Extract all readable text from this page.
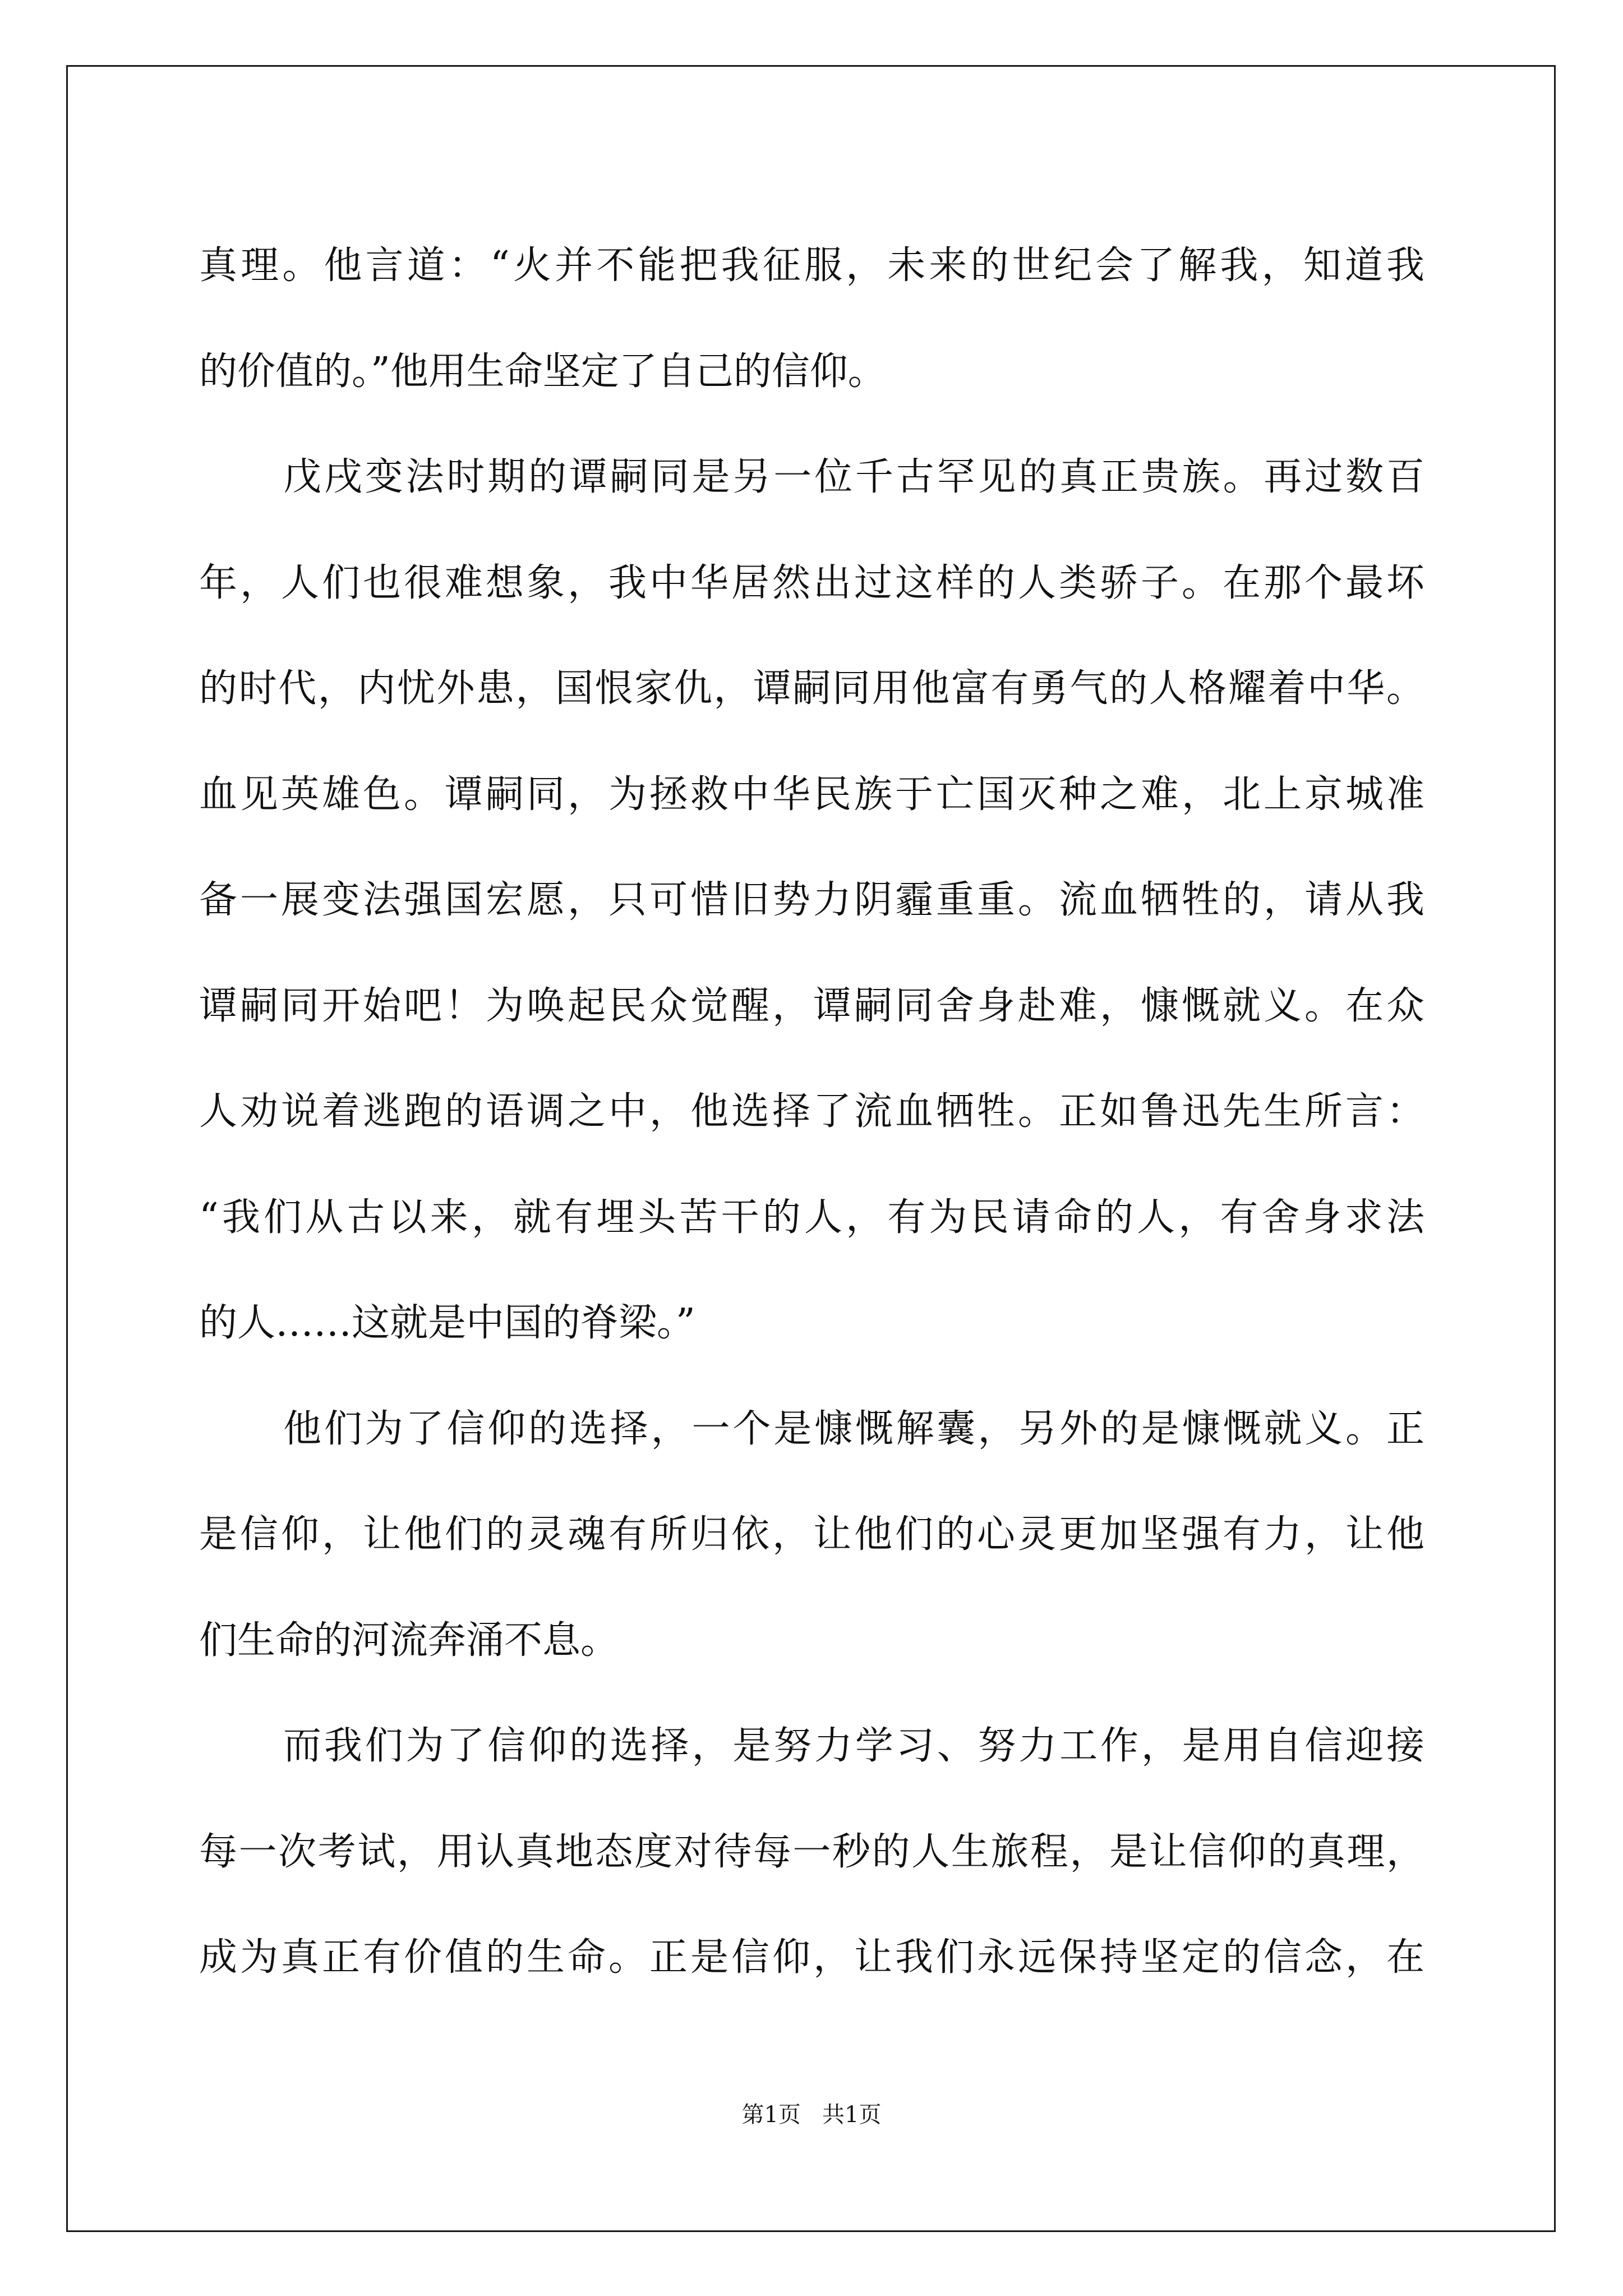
真理。他言道：“火并不能把我征服，未来的世纪会了解我，知道我
的价值的。”他用生命坚定了自己的信仰。
戊戌变法时期的谭嗣同是另一位千古罕见的真正贵族。再过数百
年，人们也很难想象，我中华居然出过这样的人类骄子。在那个最坏
的时代，内忧外患，国恨家仇，谭嗣同用他富有勇气的人格耀着中华。
血见英雄色。谭嗣同，为拯救中华民族于亡国灭种之难，北上京城准
备一展变法强国宏愿，只可惜旧势力阴霾重重。流血牺牲的，请从我
谭嗣同开始吧！为唤起民众觉醒，谭嗣同舍身赴难，慷慨就义。在众
人劝说着逃跑的语调之中，他选择了流血牺牲。正如鲁迅先生所言：
“我们从古以来，就有埋头苦干的人，有为民请命的人，有舍身求法
的人……这就是中国的脊梁。”
他们为了信仰的选择，一个是慷慨解囊，另外的是慷慨就义。正
是信仰，让他们的灵魂有所归依，让他们的心灵更加坚强有力，让他
们生命的河流奔涌不息。
而我们为了信仰的选择，是努力学习、努力工作，是用自信迎接
每一次考试，用认真地态度对待每一秒的人生旅程，是让信仰的真理，
成为真正有价值的生命。正是信仰，让我们永远保持坚定的信念，在
第1页   共1页
